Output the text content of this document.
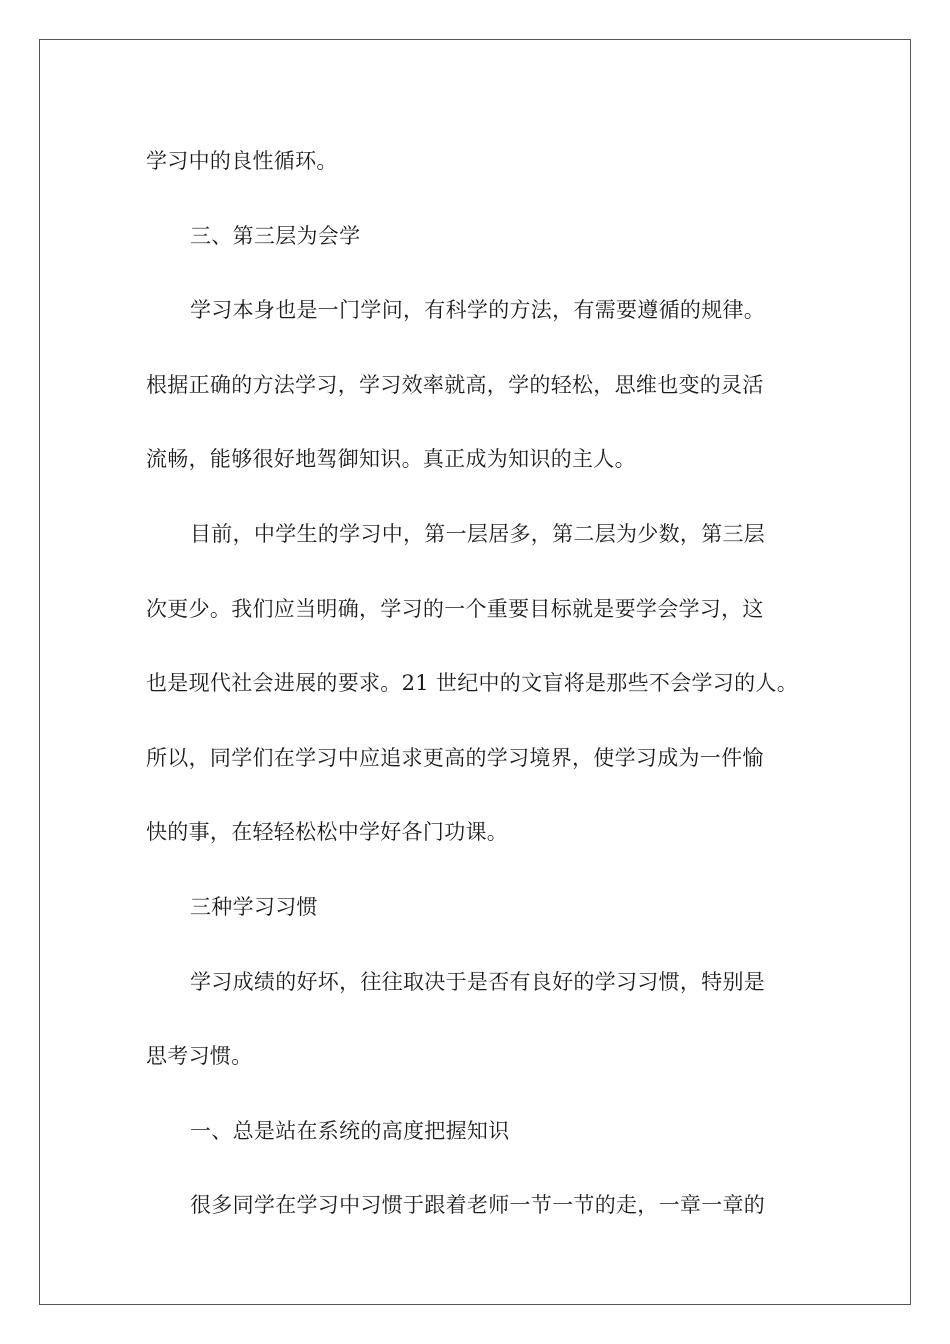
学习中的良性循环。
三、第三层为会学
学习本身也是一门学问，有科学的方法，有需要遵循的规律。
根据正确的方法学习，学习效率就高，学的轻松，思维也变的灵活
流畅，能够很好地驾御知识。真正成为知识的主人。
目前，中学生的学习中，第一层居多，第二层为少数，第三层
次更少。我们应当明确，学习的一个重要目标就是要学会学习，这
也是现代社会进展的要求。21 世纪中的文盲将是那些不会学习的人。
所以，同学们在学习中应追求更高的学习境界，使学习成为一件愉
快的事，在轻轻松松中学好各门功课。
三种学习习惯
学习成绩的好坏，往往取决于是否有良好的学习习惯，特别是
思考习惯。
一、总是站在系统的高度把握知识
很多同学在学习中习惯于跟着老师一节一节的走，一章一章的
